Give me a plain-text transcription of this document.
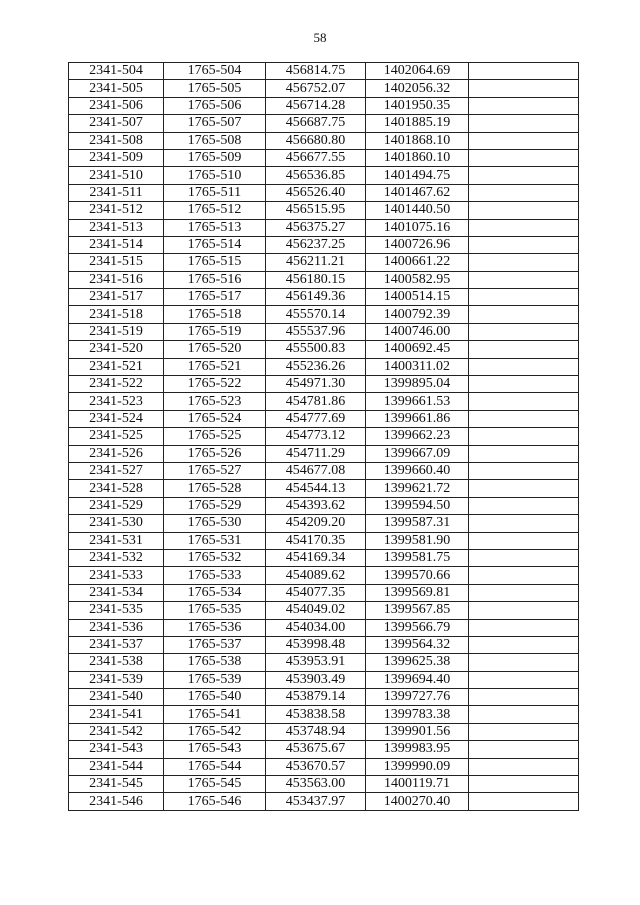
58
2341-504	1765-504	456814.75	1402064.69	
2341-505	1765-505	456752.07	1402056.32	
2341-506	1765-506	456714.28	1401950.35	
2341-507	1765-507	456687.75	1401885.19	
2341-508	1765-508	456680.80	1401868.10	
2341-509	1765-509	456677.55	1401860.10	
2341-510	1765-510	456536.85	1401494.75	
2341-511	1765-511	456526.40	1401467.62	
2341-512	1765-512	456515.95	1401440.50	
2341-513	1765-513	456375.27	1401075.16	
2341-514	1765-514	456237.25	1400726.96	
2341-515	1765-515	456211.21	1400661.22	
2341-516	1765-516	456180.15	1400582.95	
2341-517	1765-517	456149.36	1400514.15	
2341-518	1765-518	455570.14	1400792.39	
2341-519	1765-519	455537.96	1400746.00	
2341-520	1765-520	455500.83	1400692.45	
2341-521	1765-521	455236.26	1400311.02	
2341-522	1765-522	454971.30	1399895.04	
2341-523	1765-523	454781.86	1399661.53	
2341-524	1765-524	454777.69	1399661.86	
2341-525	1765-525	454773.12	1399662.23	
2341-526	1765-526	454711.29	1399667.09	
2341-527	1765-527	454677.08	1399660.40	
2341-528	1765-528	454544.13	1399621.72	
2341-529	1765-529	454393.62	1399594.50	
2341-530	1765-530	454209.20	1399587.31	
2341-531	1765-531	454170.35	1399581.90	
2341-532	1765-532	454169.34	1399581.75	
2341-533	1765-533	454089.62	1399570.66	
2341-534	1765-534	454077.35	1399569.81	
2341-535	1765-535	454049.02	1399567.85	
2341-536	1765-536	454034.00	1399566.79	
2341-537	1765-537	453998.48	1399564.32	
2341-538	1765-538	453953.91	1399625.38	
2341-539	1765-539	453903.49	1399694.40	
2341-540	1765-540	453879.14	1399727.76	
2341-541	1765-541	453838.58	1399783.38	
2341-542	1765-542	453748.94	1399901.56	
2341-543	1765-543	453675.67	1399983.95	
2341-544	1765-544	453670.57	1399990.09	
2341-545	1765-545	453563.00	1400119.71	
2341-546	1765-546	453437.97	1400270.40	
